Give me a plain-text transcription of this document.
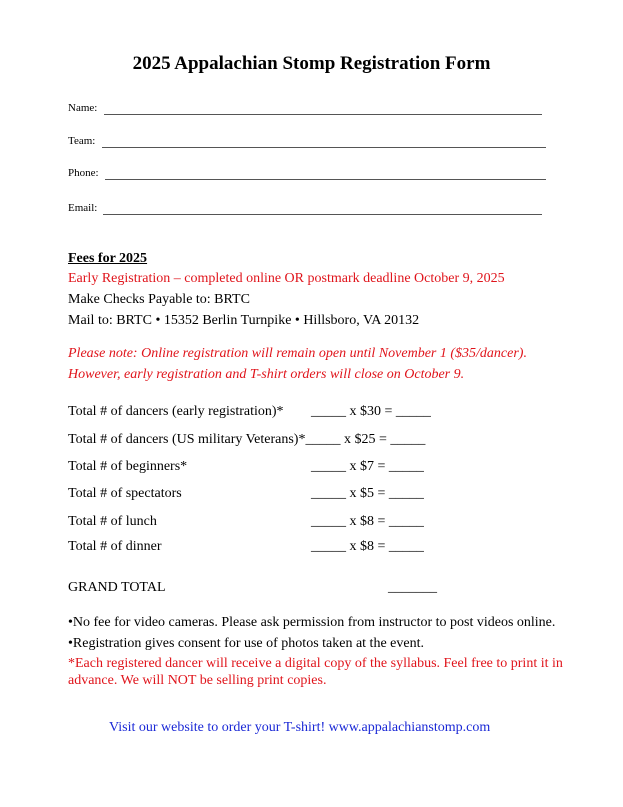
2025 Appalachian Stomp Registration Form
Name:
Team:
Phone:
Email:
Fees for 2025
Early Registration – completed online OR postmark deadline October 9, 2025
Make Checks Payable to: BRTC
Mail to: BRTC • 15352 Berlin Turnpike • Hillsboro, VA 20132
Please note: Online registration will remain open until November 1 ($35/dancer).
However, early registration and T-shirt orders will close on October 9.
Total # of dancers (early registration)* _____ x $30 = _____
Total # of dancers (US military Veterans)*_____ x $25 = _____
Total # of beginners*	_____ x $7 = _____
Total # of spectators	_____ x $5 = _____
Total # of lunch	_____ x $8 = _____
Total # of dinner	_____ x $8 = _____
GRAND TOTAL	_______
•No fee for video cameras. Please ask permission from instructor to post videos online.
•Registration gives consent for use of photos taken at the event.
*Each registered dancer will receive a digital copy of the syllabus. Feel free to print it in
advance. We will NOT be selling print copies.
Visit our website to order your T-shirt! www.appalachianstomp.com
